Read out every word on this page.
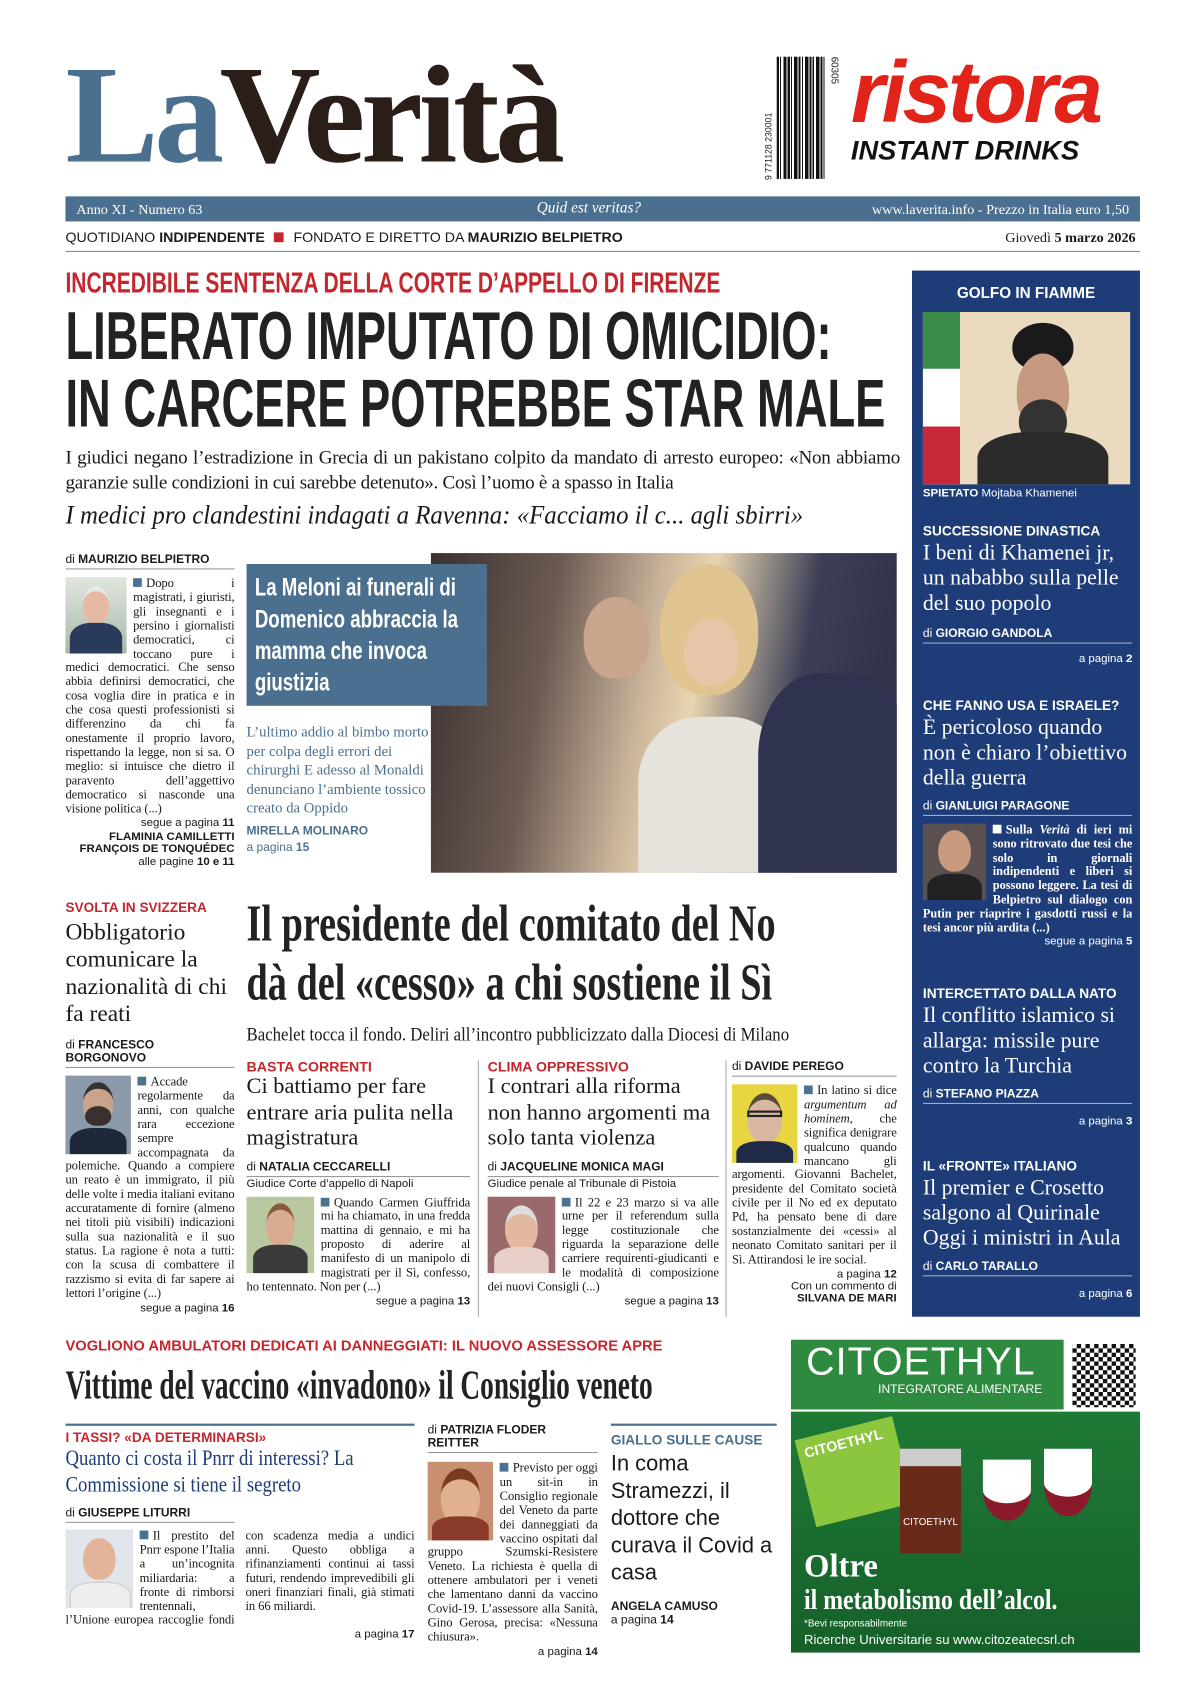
LaVerità	60305
9 771128 230001
ristora
INSTANT DRINKS
Anno XI - Numero 63	Quid est veritas?	www.laverita.info - Prezzo in Italia euro 1,50
QUOTIDIANO INDIPENDENTE  FONDATO E DIRETTO DA MAURIZIO BELPIETRO	Giovedì 5 marzo 2026
INCREDIBILE SENTENZA DELLA CORTE D’APPELLO DI FIRENZE
LIBERATO IMPUTATO DI OMICIDIO:
IN CARCERE POTREBBE STAR MALE
I giudici negano l’estradizione in Grecia di un pakistano colpito da mandato di arresto europeo: «Non abbiamo garanzie sulle condizioni in cui sarebbe detenuto». Così l’uomo è a spasso in Italia
I medici pro clandestini indagati a Ravenna: «Facciamo il c... agli sbirri»
di MAURIZIO BELPIETRO
Dopo i magistrati, i giuristi, gli insegnanti e i persino i giornalisti democratici, ci toccano pure i medici democratici. Che senso abbia definirsi democratici, che cosa voglia dire in pratica e in che cosa questi professionisti si differenzino da chi fa onestamente il proprio lavoro, rispettando la legge, non si sa. O meglio: si intuisce che dietro il paravento dell’aggettivo democratico si nasconde una visione politica (...)
segue a pagina 11
FLAMINIA CAMILLETTI
FRANÇOIS DE TONQUÉDEC
alle pagine 10 e 11
La Meloni ai funerali di Domenico abbraccia la mamma che invoca giustizia
L’ultimo addio al bimbo morto per colpa degli errori dei chirurghi E adesso al Monaldi denunciano l’ambiente tossico creato da Oppido
MIRELLA MOLINARO
a pagina 15
GOLFO IN FIAMME
SPIETATO Mojtaba Khamenei
SUCCESSIONE DINASTICA
I beni di Khamenei jr, un nababbo sulla pelle del suo popolo
di GIORGIO GANDOLA
a pagina 2
CHE FANNO USA E ISRAELE?
È pericoloso quando non è chiaro l’obiettivo della guerra
di GIANLUIGI PARAGONE
Sulla Verità di ieri mi sono ritrovato due tesi che solo in giornali indipendenti e liberi si possono leggere. La tesi di Belpietro sul dialogo con Putin per riaprire i gasdotti russi e la tesi ancor più ardita (...)
segue a pagina 5
INTERCETTATO DALLA NATO
Il conflitto islamico si allarga: missile pure contro la Turchia
di STEFANO PIAZZA
a pagina 3
IL «FRONTE» ITALIANO
Il premier e Crosetto salgono al Quirinale Oggi i ministri in Aula
di CARLO TARALLO
a pagina 6
SVOLTA IN SVIZZERA
Obbligatorio comunicare la nazionalità di chi fa reati
di FRANCESCO BORGONOVO
Accade regolarmente da anni, con qualche rara eccezione sempre accompagnata da polemiche. Quando a compiere un reato è un immigrato, il più delle volte i media italiani evitano accuratamente di fornire (almeno nei titoli più visibili) indicazioni sulla sua nazionalità e il suo status. La ragione è nota a tutti: con la scusa di combattere il razzismo si evita di far sapere ai lettori l’origine (...)
segue a pagina 16
Il presidente del comitato del No
dà del «cesso» a chi sostiene il Sì
Bachelet tocca il fondo. Deliri all’incontro pubblicizzato dalla Diocesi di Milano
BASTA CORRENTI
Ci battiamo per fare entrare aria pulita nella magistratura
di NATALIA CECCARELLI
Giudice Corte d’appello di Napoli
Quando Carmen Giuffrida mi ha chiamato, in una fredda mattina di gennaio, e mi ha proposto di aderire al manifesto di un manipolo di magistrati per il Sì, confesso, ho tentennato. Non per (...)
segue a pagina 13
CLIMA OPPRESSIVO
I contrari alla riforma non hanno argomenti ma solo tanta violenza
di JACQUELINE MONICA MAGI
Giudice penale al Tribunale di Pistoia
Il 22 e 23 marzo si va alle urne per il referendum sulla legge costituzionale che riguarda la separazione delle carriere requirenti-giudicanti e le modalità di composizione dei nuovi Consigli (...)
segue a pagina 13
di DAVIDE PEREGO
In latino si dice argumentum ad hominem, che significa denigrare qualcuno quando mancano gli argomenti. Giovanni Bachelet, presidente del Comitato società civile per il No ed ex deputato Pd, ha pensato bene di dare sostanzialmente dei «cessi» al neonato Comitato sanitari per il Sì. Attirandosi le ire social.
a pagina 12
Con un commento di
SILVANA DE MARI
VOGLIONO AMBULATORI DEDICATI AI DANNEGGIATI: IL NUOVO ASSESSORE APRE
Vittime del vaccino «invadono» il Consiglio veneto
I TASSI? «DA DETERMINARSI»
Quanto ci costa il Pnrr di interessi? La Commissione si tiene il segreto
di GIUSEPPE LITURRI
Il prestito del Pnrr espone l’Italia a un’incognita miliardaria: a fronte di rimborsi trentennali, l’Unione europea raccoglie fondi con scadenza media a undici anni. Questo obbliga a rifinanziamenti continui ai tassi futuri, rendendo imprevedibili gli oneri finanziari finali, già stimati in 66 miliardi.
a pagina 17
di PATRIZIA FLODER REITTER
Previsto per oggi un sit-in in Consiglio regionale del Veneto da parte dei danneggiati da vaccino ospitati dal gruppo Szumski-Resistere Veneto. La richiesta è quella di ottenere ambulatori per i veneti che lamentano danni da vaccino Covid-19. L’assessore alla Sanità, Gino Gerosa, precisa: «Nessuna chiusura».
a pagina 14
GIALLO SULLE CAUSE
In coma Stramezzi, il dottore che curava il Covid a casa
ANGELA CAMUSO
a pagina 14
CITOETHYL
INTEGRATORE ALIMENTARE
CITOETHYL
CITOETHYL
Oltre
il metabolismo dell’alcol.
*Bevi responsabilmente
Ricerche Universitarie su www.citozeatecsrl.ch
